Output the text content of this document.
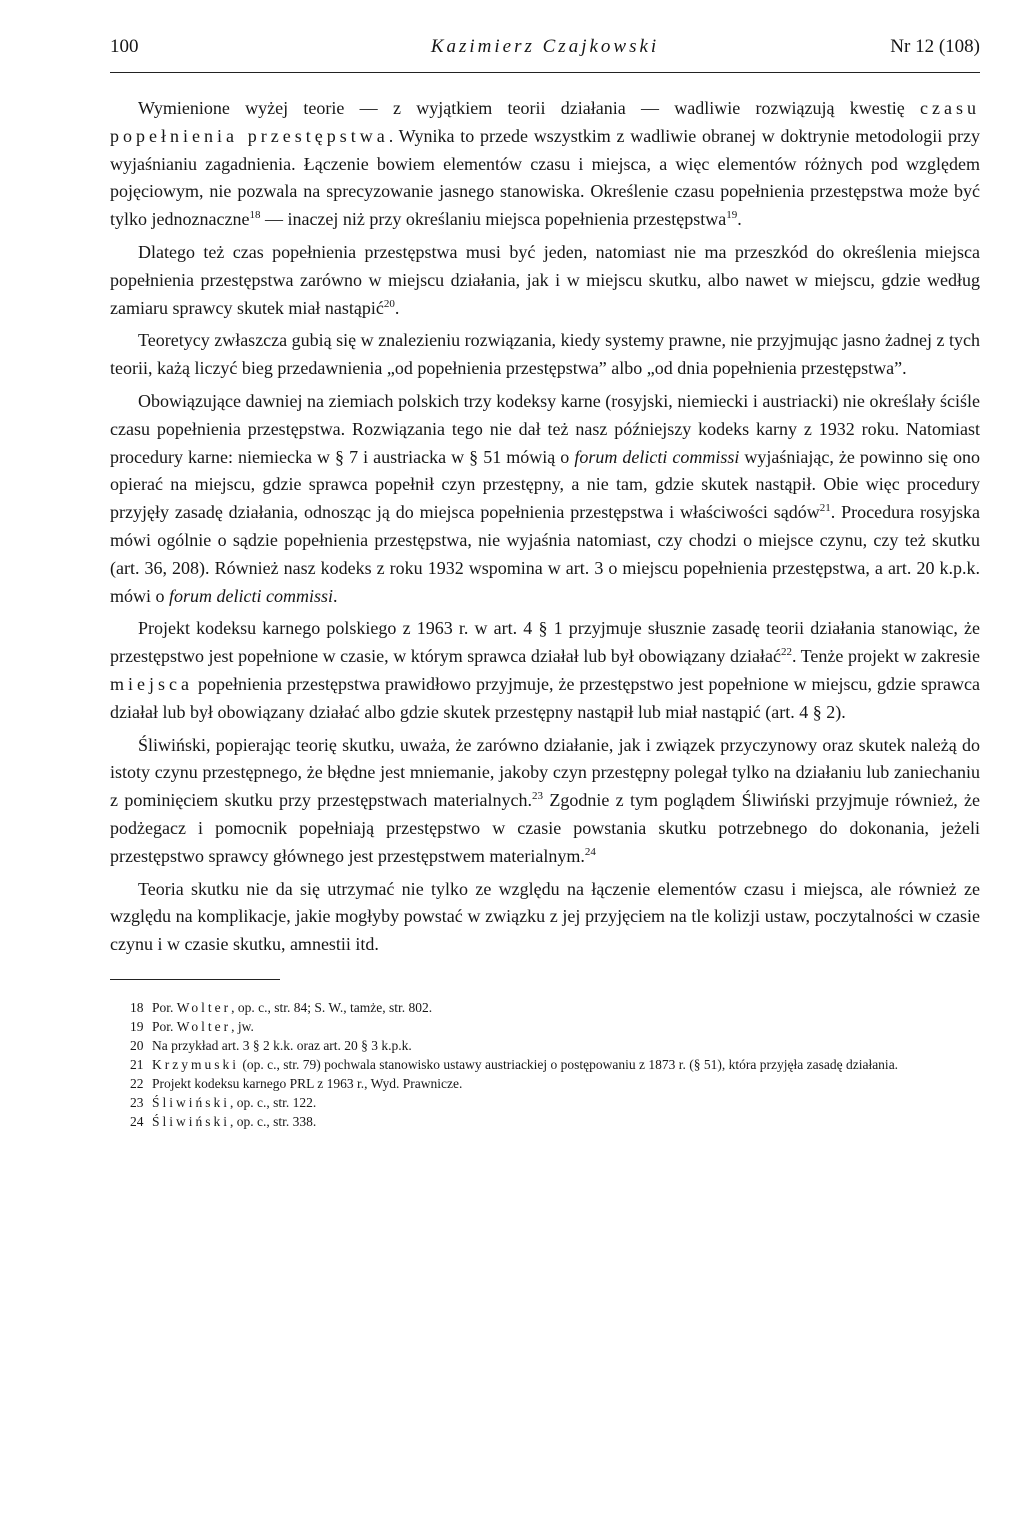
100	Kazimierz Czajkowski	Nr 12 (108)

Wymienione wyżej teorie — z wyjątkiem teorii działania — wadliwie rozwiązują kwestię czasu popełnienia przestępstwa. Wynika to przede wszystkim z wadliwie obranej w doktrynie metodologii przy wyjaśnianiu zagadnienia. Łączenie bowiem elementów czasu i miejsca, a więc elementów różnych pod względem pojęciowym, nie pozwala na sprecyzowanie jasnego stanowiska. Określenie czasu popełnienia przestępstwa może być tylko jednoznaczne$^{18}$ — inaczej niż przy określaniu miejsca popełnienia przestępstwa$^{19}$.

Dlatego też czas popełnienia przestępstwa musi być jeden, natomiast nie ma przeszkód do określenia miejsca popełnienia przestępstwa zarówno w miejscu działania, jak i w miejscu skutku, albo nawet w miejscu, gdzie według zamiaru sprawcy skutek miał nastąpić$^{20}$.

Teoretycy zwłaszcza gubią się w znalezieniu rozwiązania, kiedy systemy prawne, nie przyjmując jasno żadnej z tych teorii, każą liczyć bieg przedawnienia „od popełnienia przestępstwa” albo „od dnia popełnienia przestępstwa”.

Obowiązujące dawniej na ziemiach polskich trzy kodeksy karne (rosyjski, niemiecki i austriacki) nie określały ściśle czasu popełnienia przestępstwa. Rozwiązania tego nie dał też nasz późniejszy kodeks karny z 1932 roku. Natomiast procedury karne: niemiecka w § 7 i austriacka w § 51 mówią o forum delicti commissi wyjaśniając, że powinno się ono opierać na miejscu, gdzie sprawca popełnił czyn przestępny, a nie tam, gdzie skutek nastąpił. Obie więc procedury przyjęły zasadę działania, odnosząc ją do miejsca popełnienia przestępstwa i właściwości sądów$^{21}$. Procedura rosyjska mówi ogólnie o sądzie popełnienia przestępstwa, nie wyjaśnia natomiast, czy chodzi o miejsce czynu, czy też skutku (art. 36, 208). Również nasz kodeks z roku 1932 wspomina w art. 3 o miejscu popełnienia przestępstwa, a art. 20 k.p.k. mówi o forum delicti commissi.

Projekt kodeksu karnego polskiego z 1963 r. w art. 4 § 1 przyjmuje słusznie zasadę teorii działania stanowiąc, że przestępstwo jest popełnione w czasie, w którym sprawca działał lub był obowiązany działać$^{22}$. Tenże projekt w zakresie miejsca popełnienia przestępstwa prawidłowo przyjmuje, że przestępstwo jest popełnione w miejscu, gdzie sprawca działał lub był obowiązany działać albo gdzie skutek przestępny nastąpił lub miał nastąpić (art. 4 § 2).

Śliwiński, popierając teorię skutku, uważa, że zarówno działanie, jak i związek przyczynowy oraz skutek należą do istoty czynu przestępnego, że błędne jest mniemanie, jakoby czyn przestępny polegał tylko na działaniu lub zaniechaniu z pominięciem skutku przy przestępstwach materialnych.$^{23}$ Zgodnie z tym poglądem Śliwiński przyjmuje również, że podżegacz i pomocnik popełniają przestępstwo w czasie powstania skutku potrzebnego do dokonania, jeżeli przestępstwo sprawcy głównego jest przestępstwem materialnym.$^{24}$

Teoria skutku nie da się utrzymać nie tylko ze względu na łączenie elementów czasu i miejsca, ale również ze względu na komplikacje, jakie mogłyby powstać w związku z jej przyjęciem na tle kolizji ustaw, poczytalności w czasie czynu i w czasie skutku, amnestii itd.

18 Por. Wolter, op. c., str. 84; S. W., tamże, str. 802.

19 Por. Wolter, jw.

20 Na przykład art. 3 § 2 k.k. oraz art. 20 § 3 k.p.k.

21 Krzymuski (op. c., str. 79) pochwala stanowisko ustawy austriackiej o postępowaniu z 1873 r. (§ 51), która przyjęła zasadę działania.

22 Projekt kodeksu karnego PRL z 1963 r., Wyd. Prawnicze.

23 Śliwiński, op. c., str. 122.

24 Śliwiński, op. c., str. 338.
